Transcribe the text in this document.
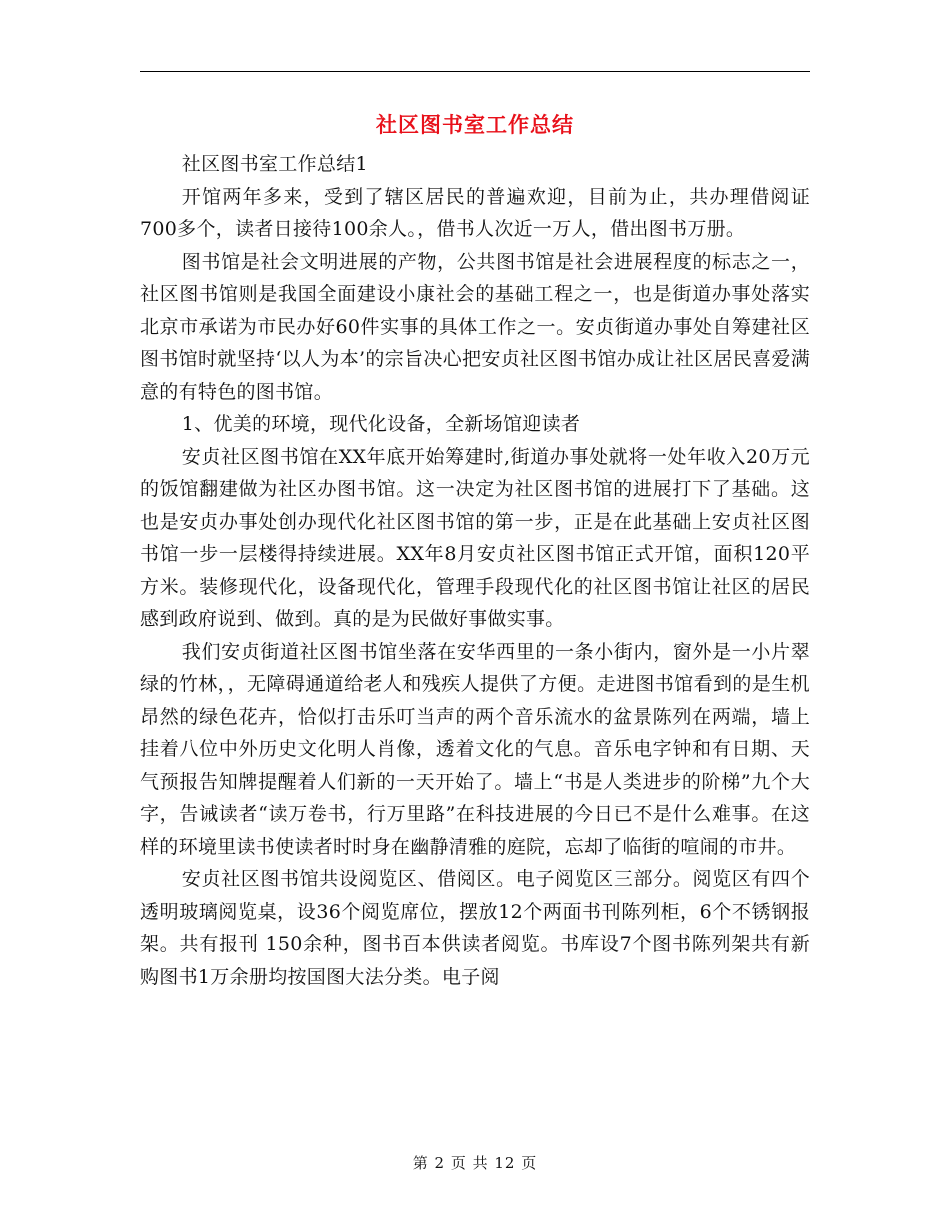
社区图书室工作总结

社区图书室工作总结1

开馆两年多来，受到了辖区居民的普遍欢迎，目前为止，共办理借阅证700多个，读者日接待100余人。，借书人次近一万人，借出图书万册。

图书馆是社会文明进展的产物，公共图书馆是社会进展程度的标志之一，社区图书馆则是我国全面建设小康社会的基础工程之一，也是街道办事处落实北京市承诺为市民办好60件实事的具体工作之一。安贞街道办事处自筹建社区图书馆时就坚持‘以人为本’的宗旨决心把安贞社区图书馆办成让社区居民喜爱满意的有特色的图书馆。

1、优美的环境，现代化设备，全新场馆迎读者

安贞社区图书馆在XX年底开始筹建时,街道办事处就将一处年收入20万元的饭馆翻建做为社区办图书馆。这一决定为社区图书馆的进展打下了基础。这也是安贞办事处创办现代化社区图书馆的第一步，正是在此基础上安贞社区图书馆一步一层楼得持续进展。XX年8月安贞社区图书馆正式开馆，面积120平方米。装修现代化，设备现代化，管理手段现代化的社区图书馆让社区的居民感到政府说到、做到。真的是为民做好事做实事。

我们安贞街道社区图书馆坐落在安华西里的一条小街内，窗外是一小片翠绿的竹林，，无障碍通道给老人和残疾人提供了方便。走进图书馆看到的是生机昂然的绿色花卉，恰似打击乐叮当声的两个音乐流水的盆景陈列在两端，墙上挂着八位中外历史文化明人肖像，透着文化的气息。音乐电字钟和有日期、天气预报告知牌提醒着人们新的一天开始了。墙上“书是人类进步的阶梯”九个大字，告诫读者“读万卷书，行万里路”在科技进展的今日已不是什么难事。在这样的环境里读书使读者时时身在幽静清雅的庭院，忘却了临街的喧闹的市井。

安贞社区图书馆共设阅览区、借阅区。电子阅览区三部分。阅览区有四个透明玻璃阅览桌，设36个阅览席位，摆放12个两面书刊陈列柜，6个不锈钢报架。共有报刊 150余种，图书百本供读者阅览。书库设7个图书陈列架共有新购图书1万余册均按国图大法分类。电子阅

第 2 页 共 12 页
